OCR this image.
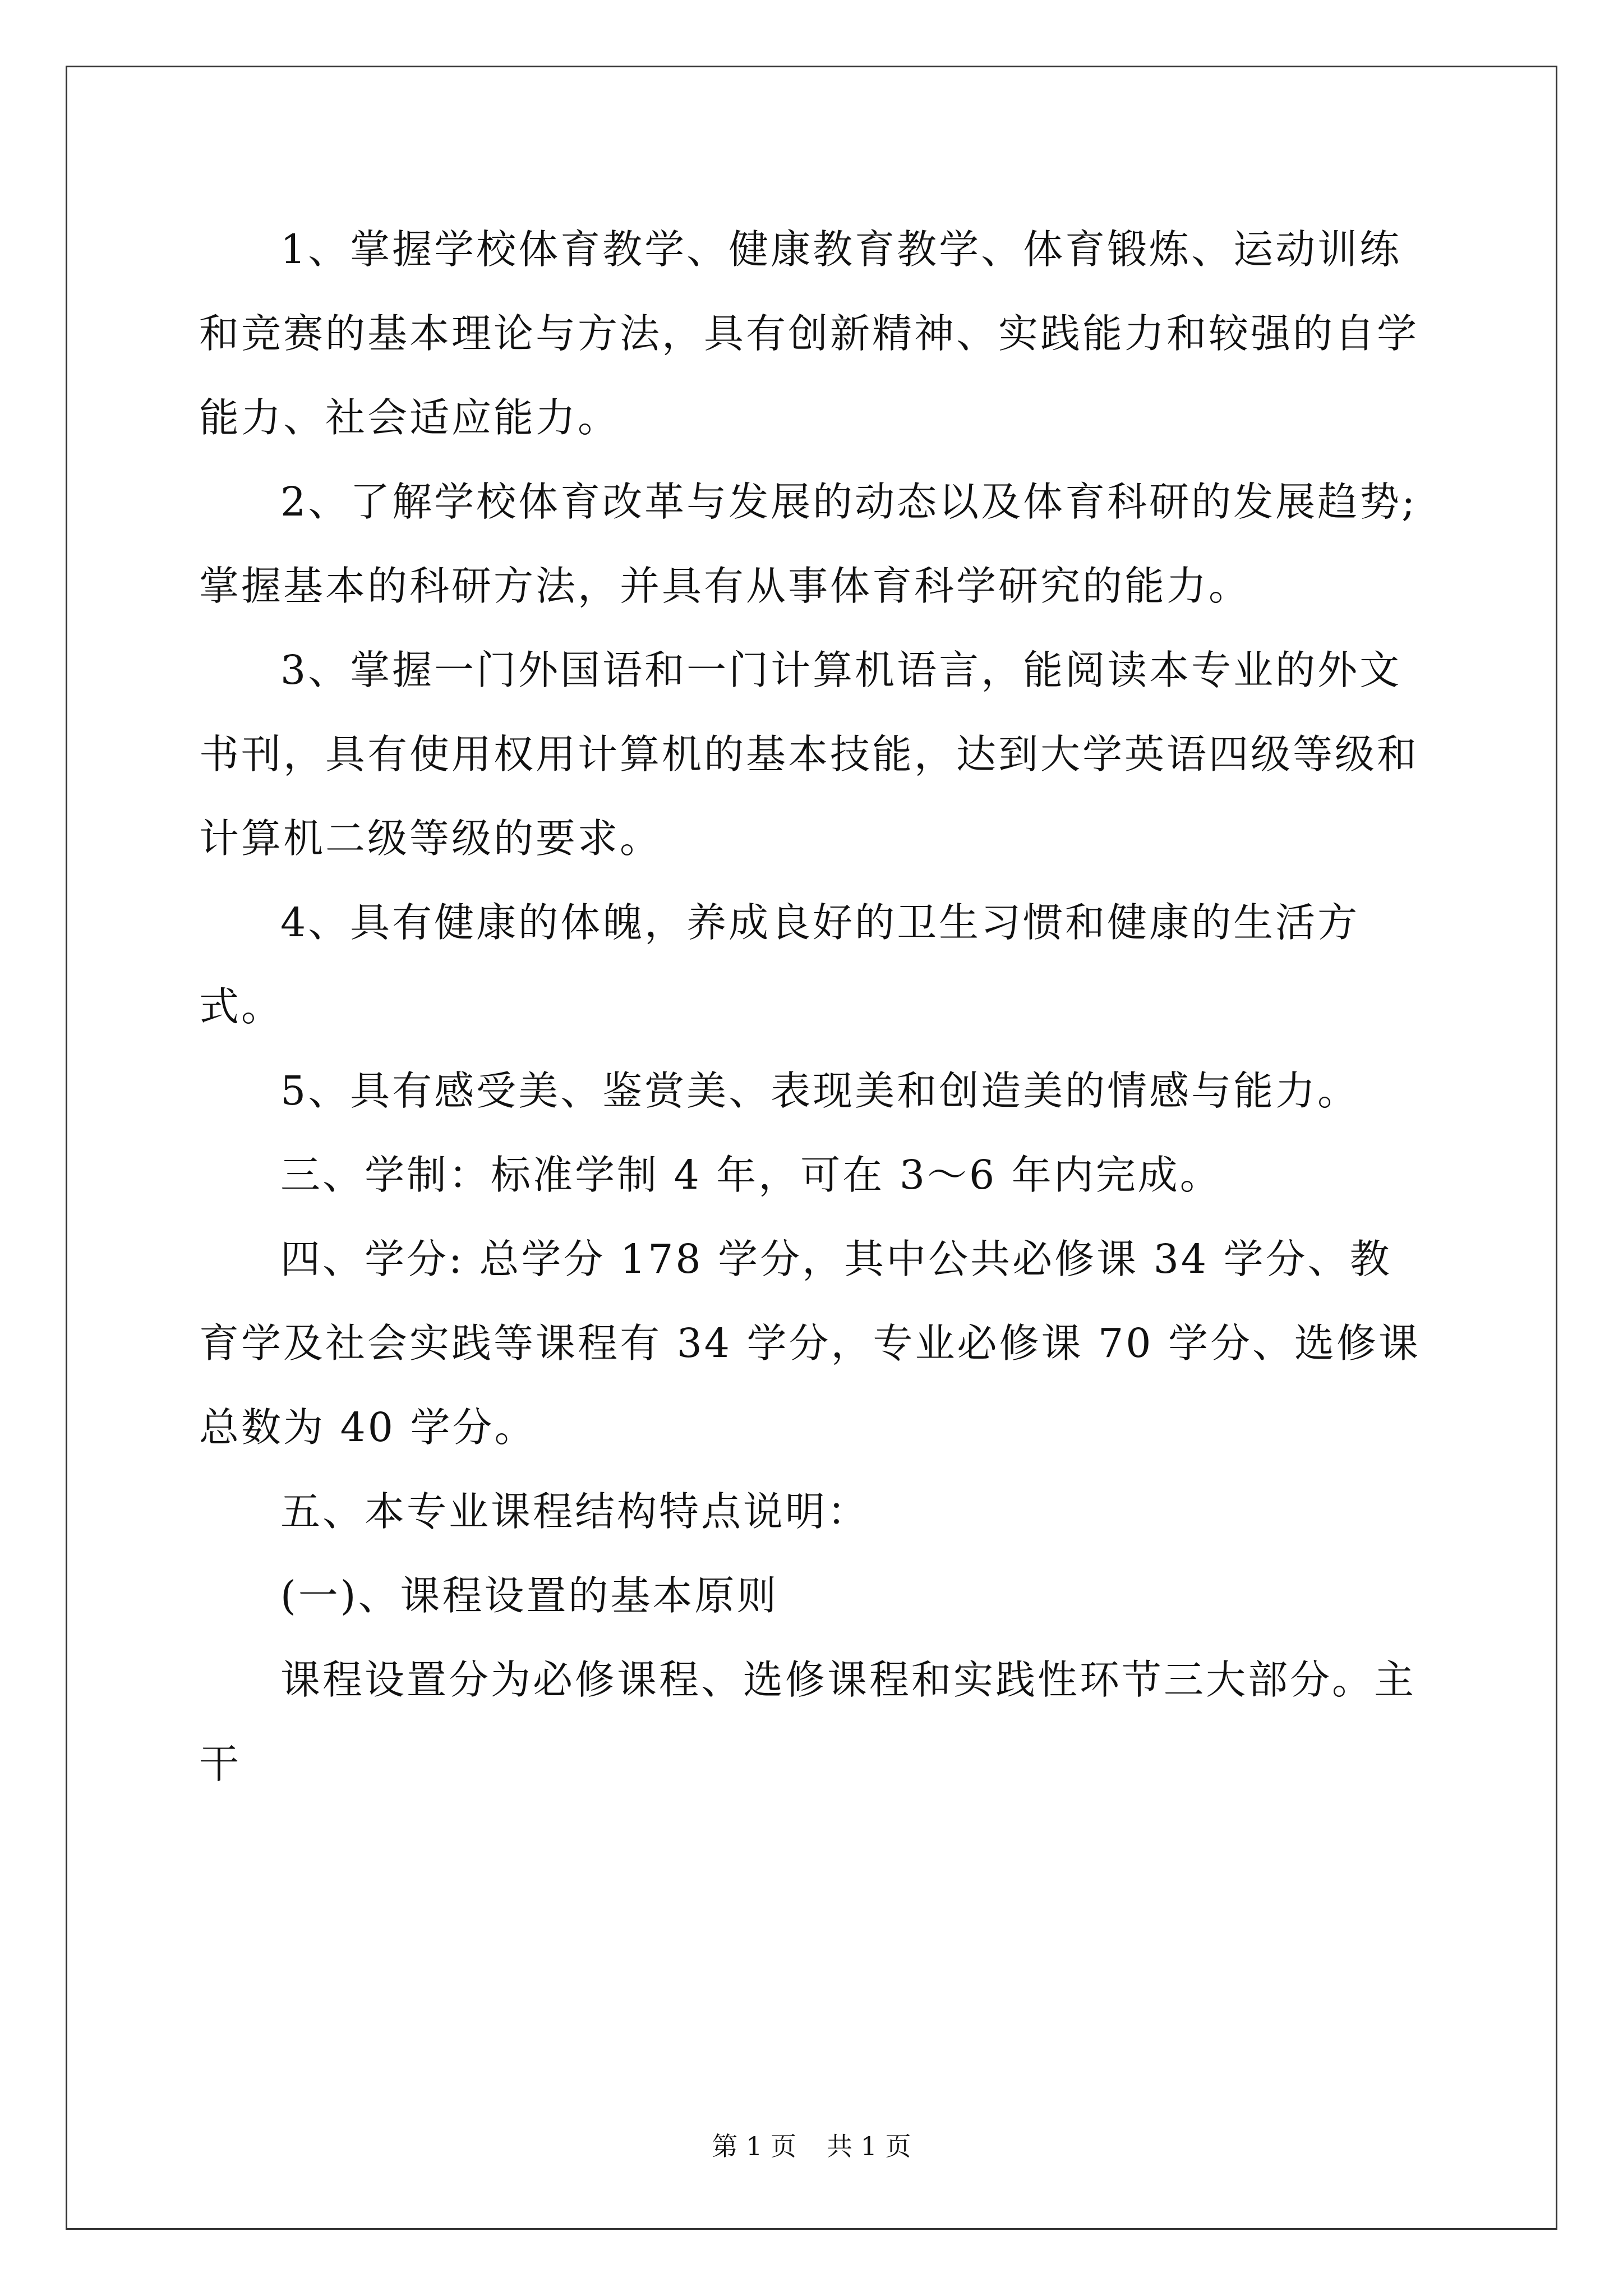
1、掌握学校体育教学、健康教育教学、体育锻炼、运动训练和竞赛的基本理论与方法，具有创新精神、实践能力和较强的自学能力、社会适应能力。

2、了解学校体育改革与发展的动态以及体育科研的发展趋势;掌握基本的科研方法，并具有从事体育科学研究的能力。

3、掌握一门外国语和一门计算机语言，能阅读本专业的外文书刊，具有使用权用计算机的基本技能，达到大学英语四级等级和计算机二级等级的要求。

4、具有健康的体魄，养成良好的卫生习惯和健康的生活方式。

5、具有感受美、鉴赏美、表现美和创造美的情感与能力。

三、学制：标准学制 4 年，可在 3～6 年内完成。

四、学分: 总学分 178 学分，其中公共必修课 34 学分、教育学及社会实践等课程有 34 学分，专业必修课 70 学分、选修课 总数为 40 学分。

五、本专业课程结构特点说明：

(一)、课程设置的基本原则

课程设置分为必修课程、选修课程和实践性环节三大部分。主干

第 1 页 共 1 页
